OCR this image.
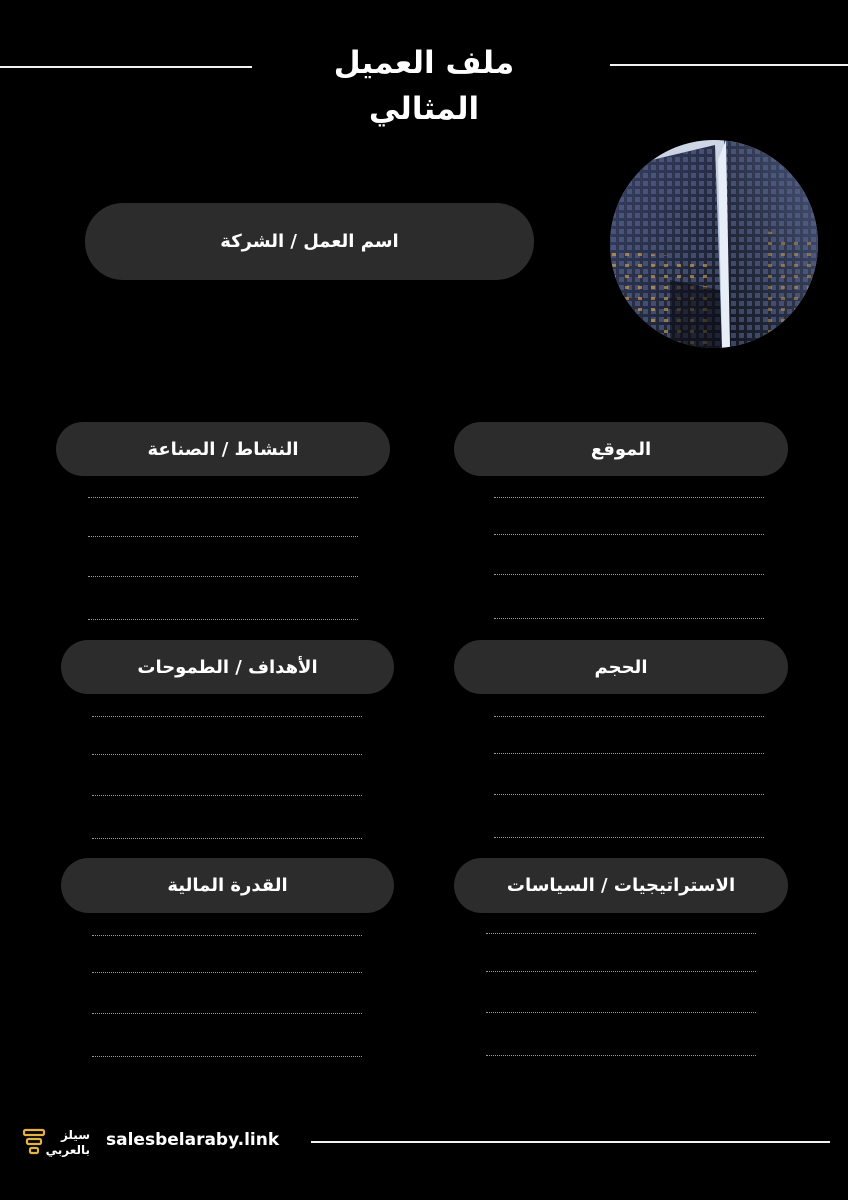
ملف العميل
المثالي
اسم العمل / الشركة
النشاط / الصناعة	الموقع
الأهداف / الطموحات	الحجم
القدرة المالية	الاستراتيجيات / السياسات
سيلز
بالعربي salesbelaraby.link
